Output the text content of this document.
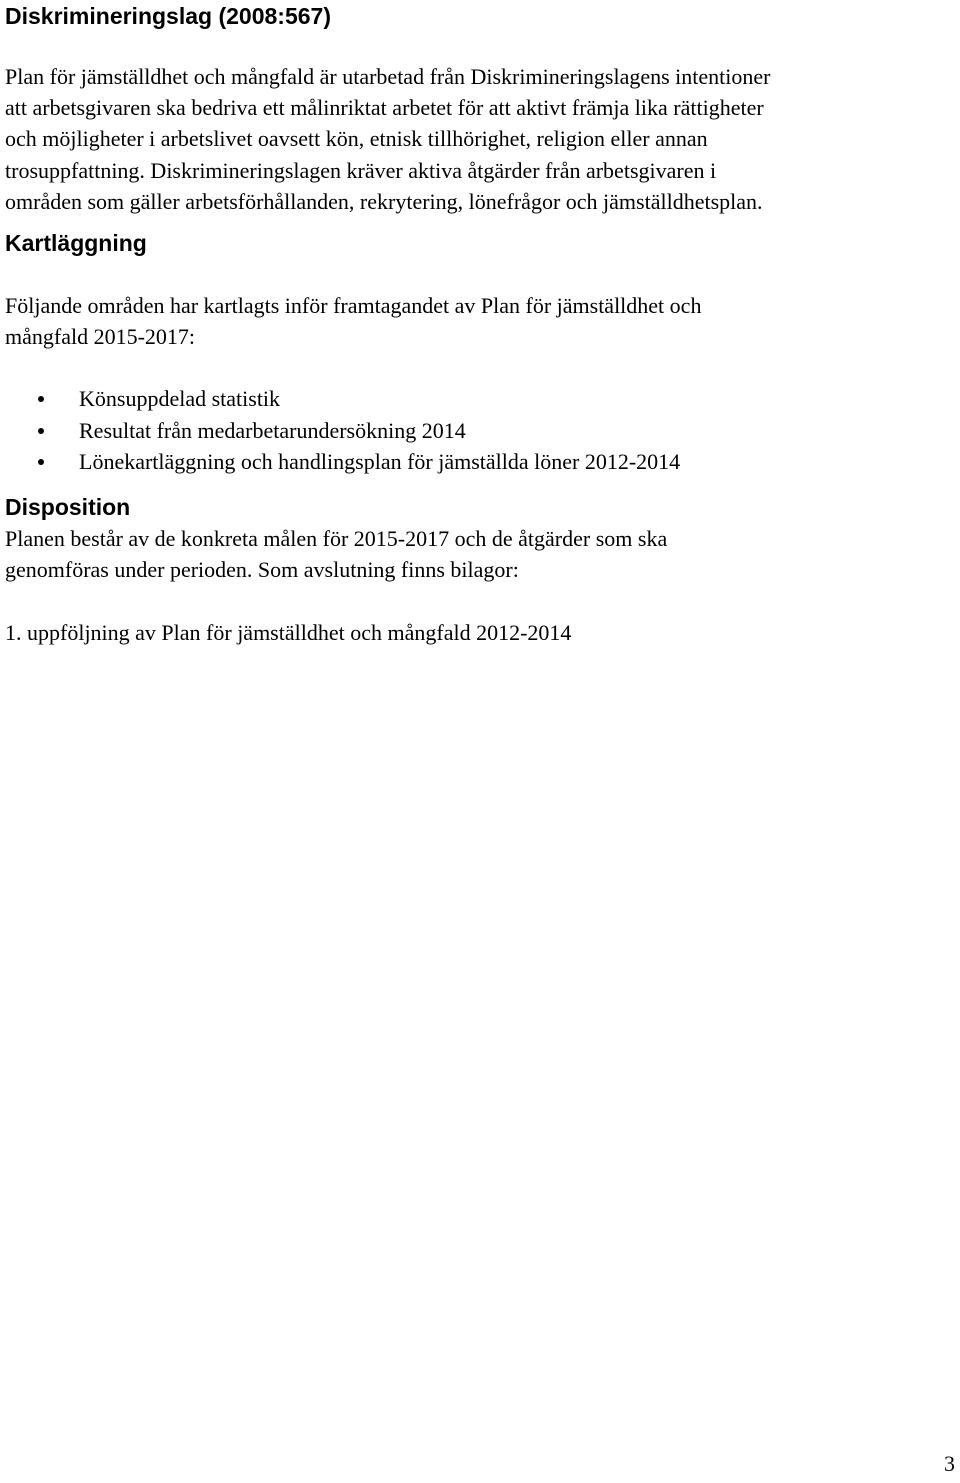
Diskrimineringslag (2008:567)

Plan för jämställdhet och mångfald är utarbetad från Diskrimineringslagens intentioner
att arbetsgivaren ska bedriva ett målinriktat arbetet för att aktivt främja lika rättigheter
och möjligheter i arbetslivet oavsett kön, etnisk tillhörighet, religion eller annan
trosuppfattning. Diskrimineringslagen kräver aktiva åtgärder från arbetsgivaren i
områden som gäller arbetsförhållanden, rekrytering, lönefrågor och jämställdhetsplan.

Kartläggning

Följande områden har kartlagts inför framtagandet av Plan för jämställdhet och
mångfald 2015-2017:

Könsuppdelad statistik
Resultat från medarbetarundersökning 2014
Lönekartläggning och handlingsplan för jämställda löner 2012-2014
Disposition

Planen består av de konkreta målen för 2015-2017 och de åtgärder som ska
genomföras under perioden. Som avslutning finns bilagor:

1. uppföljning av Plan för jämställdhet och mångfald 2012-2014

3
